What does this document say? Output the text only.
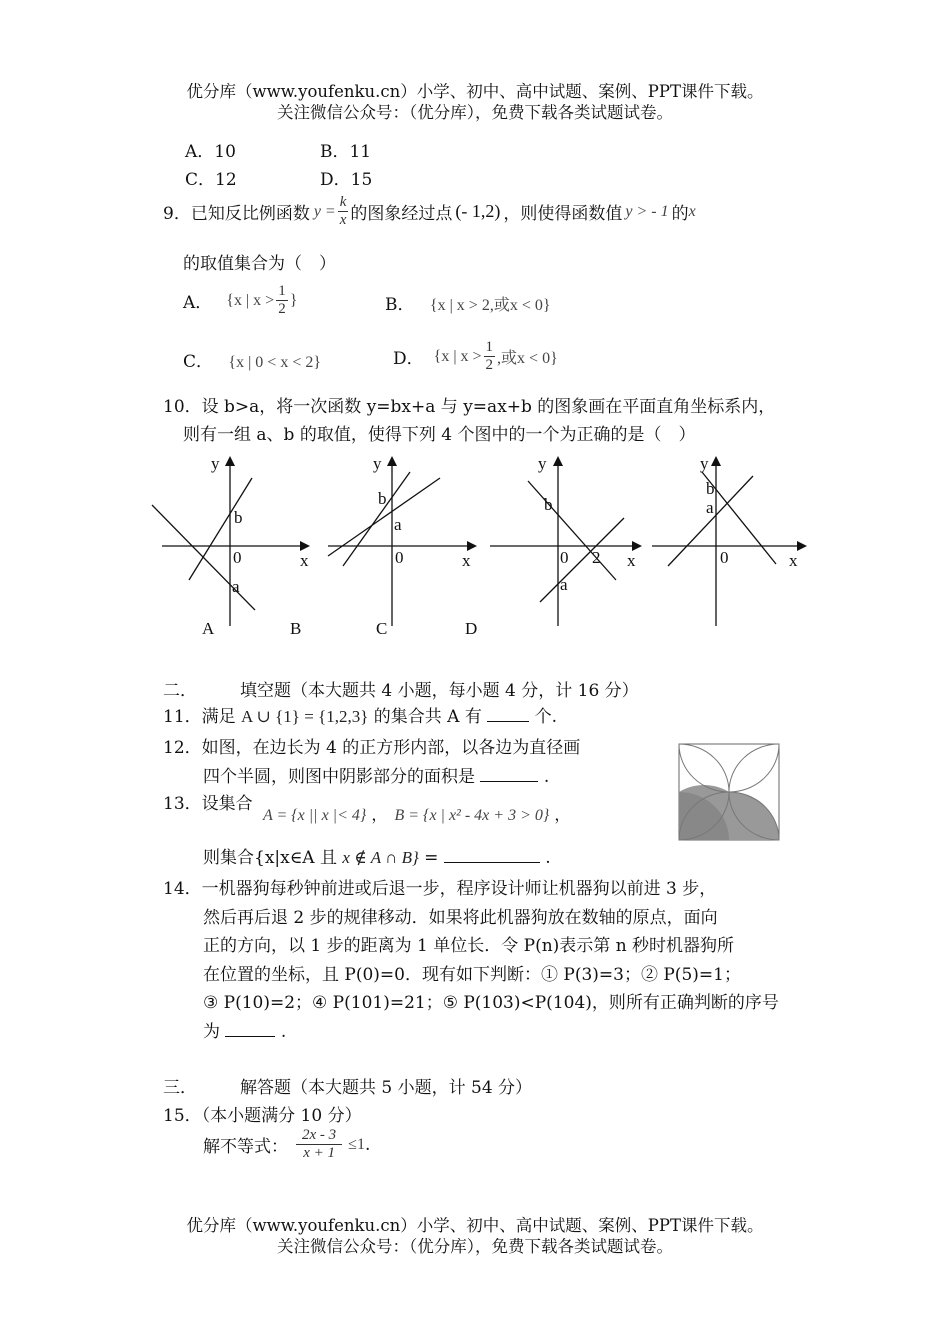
优分库（www.youfenku.cn）小学、初中、高中试题、案例、PPT课件下载。
关注微信公众号：（优分库），免费下载各类试题试卷。
A．10	B．11
C．12	D．15
9．已知反比例函数 $y = \frac{k}{x}$ 的图象经过点 (- 1,2) ，则使得函数值 y > - 1 的 x
的取值集合为（　）
A． {x | $x > \frac{1}{2}$ }	B． {x | x > 2,或x < 0}
C． {x | 0 < x < 2}	D． {x | $x > \frac{1}{2}$ ,或x < 0}
10．设 b>a，将一次函数 y=bx+a 与 y=ax+b 的图象画在平面直角坐标系内，
则有一组 a、b 的取值，使得下列 4 个图中的一个为正确的是（　）
y
x
0
b
a
y
x
0
b
a
y
x
0 2
b
a
y
x
0
b
a
A	B	C	D
二．	填空题（本大题共 4 小题，每小题 4 分，计 16 分）
11．满足 A ∪ {1} = {1,2,3} 的集合共 A 有	个.
12．如图，在边长为 4 的正方形内部，以各边为直径画
四个半圆，则图中阴影部分的面积是	.
13．设集合
A = {x || x |< 4} ， B = {x | x² - 4x + 3 > 0} ，
则集合{x|x∈A 且 x ∉ A ∩ B} =	.
14．一机器狗每秒钟前进或后退一步，程序设计师让机器狗以前进 3 步，
然后再后退 2 步的规律移动．如果将此机器狗放在数轴的原点，面向
正的方向，以 1 步的距离为 1 单位长．令 P(n)表示第 n 秒时机器狗所
在位置的坐标，且 P(0)=0．现有如下判断：① P(3)=3；② P(5)=1；
③ P(10)=2；④ P(101)=21；⑤ P(103)<P(104)，则所有正确判断的序号
为	.
三．	解答题（本大题共 5 小题，计 54 分）
15．（本小题满分 10 分）
解不等式： $\frac{2x - 3}{x + 1} \le 1$ .
优分库（www.youfenku.cn）小学、初中、高中试题、案例、PPT课件下载。
关注微信公众号：（优分库），免费下载各类试题试卷。
